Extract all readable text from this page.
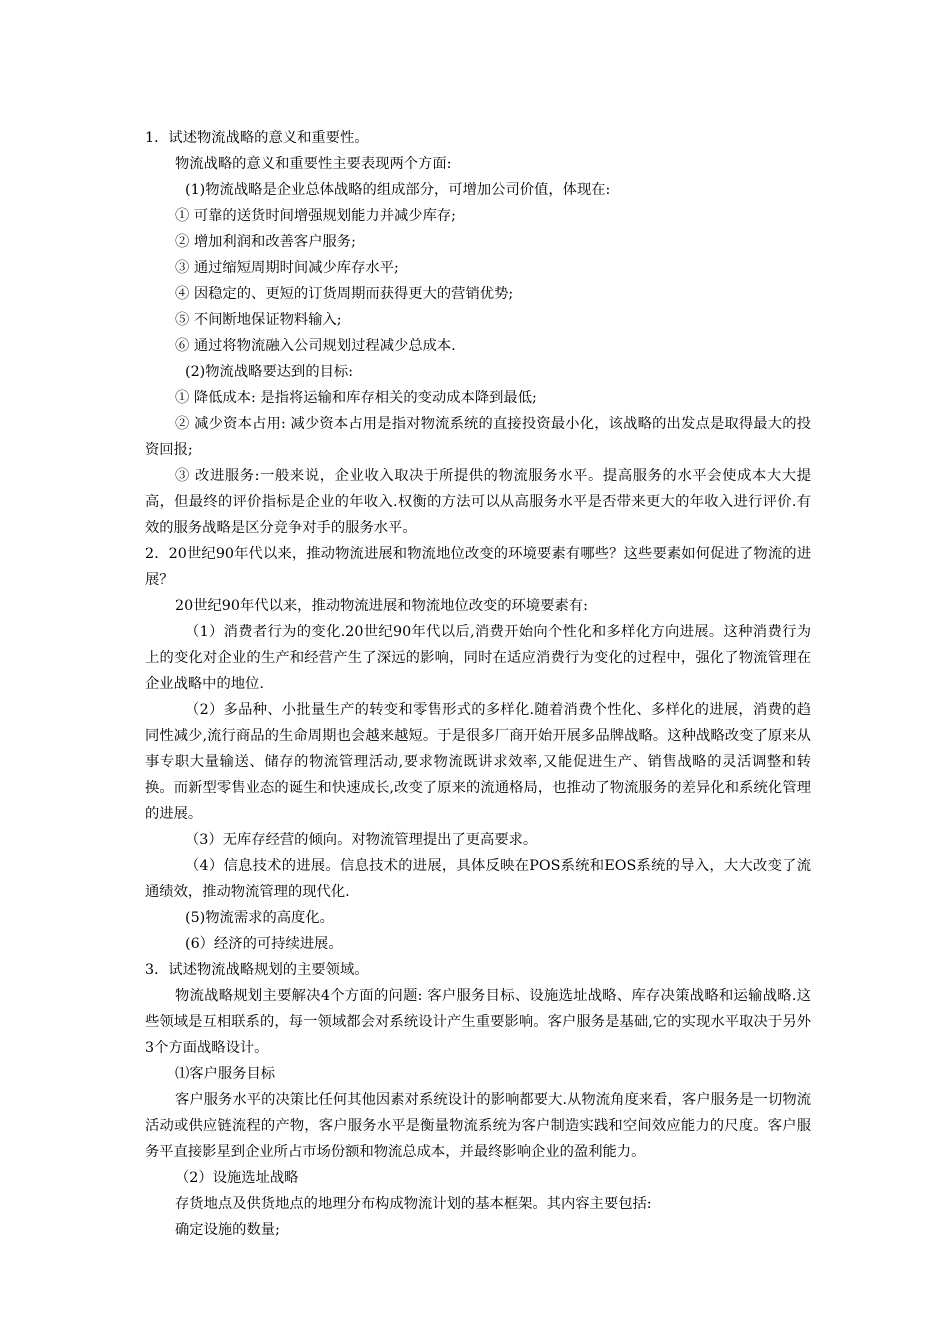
1．试述物流战略的意义和重要性。

物流战略的意义和重要性主要表现两个方面:

(1)物流战略是企业总体战略的组成部分，可增加公司价值，体现在:

① 可靠的送货时间增强规划能力并减少库存;

② 增加利润和改善客户服务;

③ 通过缩短周期时间减少库存水平;

④ 因稳定的、更短的订货周期而获得更大的营销优势;

⑤ 不间断地保证物料输入;

⑥ 通过将物流融入公司规划过程减少总成本.

(2)物流战略要达到的目标:

① 降低成本: 是指将运输和库存相关的变动成本降到最低;

② 减少资本占用: 减少资本占用是指对物流系统的直接投资最小化，该战略的出发点是取得最大的投资回报;

③ 改进服务:一般来说，企业收入取决于所提供的物流服务水平。提高服务的水平会使成本大大提高，但最终的评价指标是企业的年收入.权衡的方法可以从高服务水平是否带来更大的年收入进行评价.有效的服务战略是区分竞争对手的服务水平。

2．20世纪90年代以来，推动物流进展和物流地位改变的环境要素有哪些？这些要素如何促进了物流的进展？

20世纪90年代以来，推动物流进展和物流地位改变的环境要素有:

（1）消费者行为的变化.20世纪90年代以后,消费开始向个性化和多样化方向进展。这种消费行为上的变化对企业的生产和经营产生了深远的影响，同时在适应消费行为变化的过程中，强化了物流管理在企业战略中的地位.

（2）多品种、小批量生产的转变和零售形式的多样化.随着消费个性化、多样化的进展，消费的趋同性减少,流行商品的生命周期也会越来越短。于是很多厂商开始开展多品牌战略。这种战略改变了原来从事专职大量输送、储存的物流管理活动,要求物流既讲求效率,又能促进生产、销售战略的灵活调整和转换。而新型零售业态的诞生和快速成长,改变了原来的流通格局，也推动了物流服务的差异化和系统化管理的进展。

（3）无库存经营的倾向。对物流管理提出了更高要求。

（4）信息技术的进展。信息技术的进展，具体反映在POS系统和EOS系统的导入，大大改变了流通绩效，推动物流管理的现代化.

(5)物流需求的高度化。

(6）经济的可持续进展。

3．试述物流战略规划的主要领域。

物流战略规划主要解决4个方面的问题: 客户服务目标、设施选址战略、库存决策战略和运输战略.这些领域是互相联系的，每一领域都会对系统设计产生重要影响。客户服务是基础,它的实现水平取决于另外3个方面战略设计。

⑴客户服务目标

客户服务水平的决策比任何其他因素对系统设计的影响都要大.从物流角度来看，客户服务是一切物流活动或供应链流程的产物，客户服务水平是衡量物流系统为客户制造实践和空间效应能力的尺度。客户服务平直接影星到企业所占市场份额和物流总成本，并最终影响企业的盈利能力。

（2）设施选址战略

存货地点及供货地点的地理分布构成物流计划的基本框架。其内容主要包括:

确定设施的数量;
